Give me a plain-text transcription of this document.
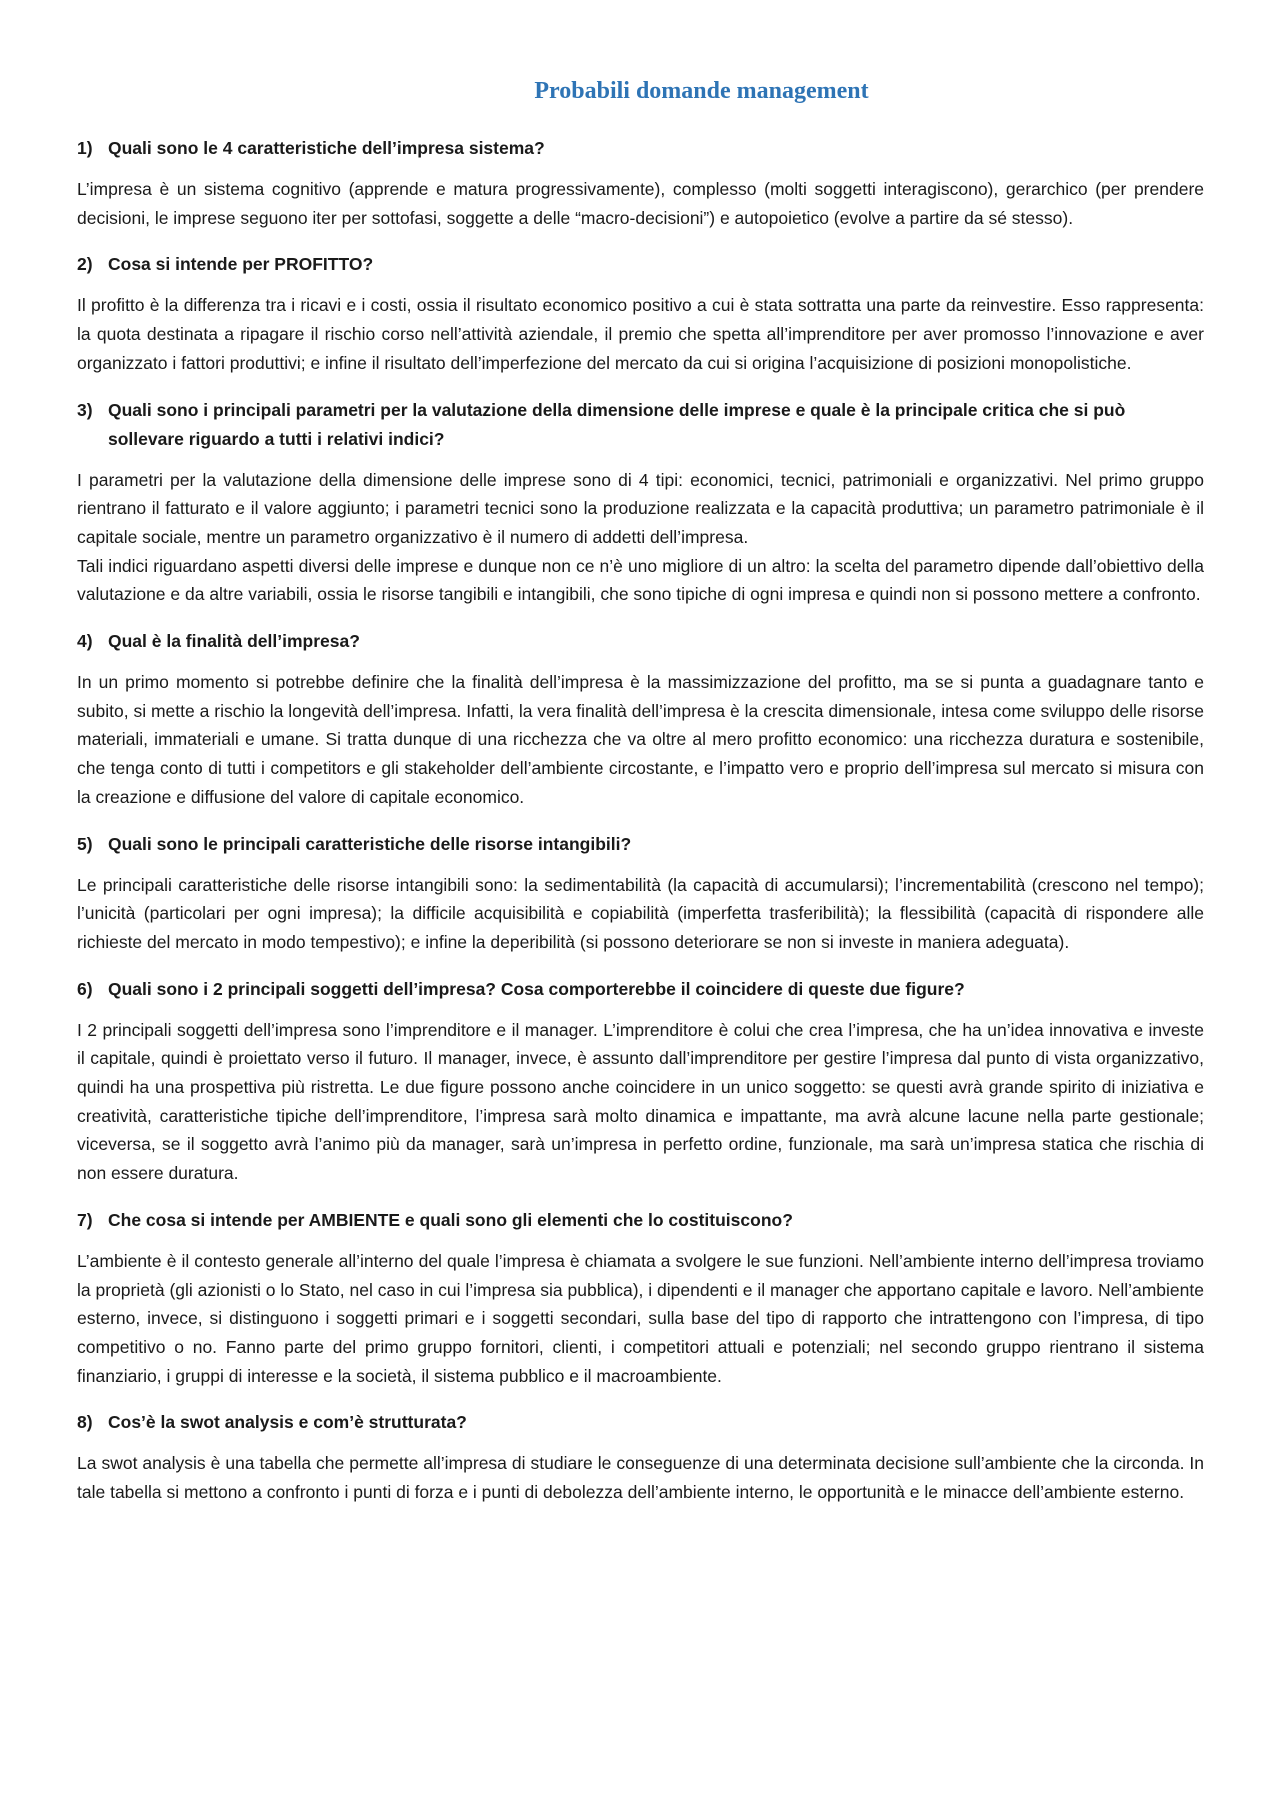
Probabili domande management
1) Quali sono le 4 caratteristiche dell’impresa sistema?

L’impresa è un sistema cognitivo (apprende e matura progressivamente), complesso (molti soggetti interagiscono), gerarchico (per prendere decisioni, le imprese seguono iter per sottofasi, soggette a delle “macro-decisioni”) e autopoietico (evolve a partire da sé stesso).

2) Cosa si intende per PROFITTO?

Il profitto è la differenza tra i ricavi e i costi, ossia il risultato economico positivo a cui è stata sottratta una parte da reinvestire. Esso rappresenta: la quota destinata a ripagare il rischio corso nell’attività aziendale, il premio che spetta all’imprenditore per aver promosso l’innovazione e aver organizzato i fattori produttivi; e infine il risultato dell’imperfezione del mercato da cui si origina l’acquisizione di posizioni monopolistiche.

3) Quali sono i principali parametri per la valutazione della dimensione delle imprese e quale è la principale critica che si può sollevare riguardo a tutti i relativi indici?

I parametri per la valutazione della dimensione delle imprese sono di 4 tipi: economici, tecnici, patrimoniali e organizzativi. Nel primo gruppo rientrano il fatturato e il valore aggiunto; i parametri tecnici sono la produzione realizzata e la capacità produttiva; un parametro patrimoniale è il capitale sociale, mentre un parametro organizzativo è il numero di addetti dell’impresa.

Tali indici riguardano aspetti diversi delle imprese e dunque non ce n’è uno migliore di un altro: la scelta del parametro dipende dall’obiettivo della valutazione e da altre variabili, ossia le risorse tangibili e intangibili, che sono tipiche di ogni impresa e quindi non si possono mettere a confronto.

4) Qual è la finalità dell’impresa?

In un primo momento si potrebbe definire che la finalità dell’impresa è la massimizzazione del profitto, ma se si punta a guadagnare tanto e subito, si mette a rischio la longevità dell’impresa. Infatti, la vera finalità dell’impresa è la crescita dimensionale, intesa come sviluppo delle risorse materiali, immateriali e umane. Si tratta dunque di una ricchezza che va oltre al mero profitto economico: una ricchezza duratura e sostenibile, che tenga conto di tutti i competitors e gli stakeholder dell’ambiente circostante, e l’impatto vero e proprio dell’impresa sul mercato si misura con la creazione e diffusione del valore di capitale economico.

5) Quali sono le principali caratteristiche delle risorse intangibili?

Le principali caratteristiche delle risorse intangibili sono: la sedimentabilità (la capacità di accumularsi); l’incrementabilità (crescono nel tempo); l’unicità (particolari per ogni impresa); la difficile acquisibilità e copiabilità (imperfetta trasferibilità); la flessibilità (capacità di rispondere alle richieste del mercato in modo tempestivo); e infine la deperibilità (si possono deteriorare se non si investe in maniera adeguata).

6) Quali sono i 2 principali soggetti dell’impresa? Cosa comporterebbe il coincidere di queste due figure?

I 2 principali soggetti dell’impresa sono l’imprenditore e il manager. L’imprenditore è colui che crea l’impresa, che ha un’idea innovativa e investe il capitale, quindi è proiettato verso il futuro. Il manager, invece, è assunto dall’imprenditore per gestire l’impresa dal punto di vista organizzativo, quindi ha una prospettiva più ristretta. Le due figure possono anche coincidere in un unico soggetto: se questi avrà grande spirito di iniziativa e creatività, caratteristiche tipiche dell’imprenditore, l’impresa sarà molto dinamica e impattante, ma avrà alcune lacune nella parte gestionale; viceversa, se il soggetto avrà l’animo più da manager, sarà un’impresa in perfetto ordine, funzionale, ma sarà un’impresa statica che rischia di non essere duratura.

7) Che cosa si intende per AMBIENTE e quali sono gli elementi che lo costituiscono?

L’ambiente è il contesto generale all’interno del quale l’impresa è chiamata a svolgere le sue funzioni. Nell’ambiente interno dell’impresa troviamo la proprietà (gli azionisti o lo Stato, nel caso in cui l’impresa sia pubblica), i dipendenti e il manager che apportano capitale e lavoro. Nell’ambiente esterno, invece, si distinguono i soggetti primari e i soggetti secondari, sulla base del tipo di rapporto che intrattengono con l’impresa, di tipo competitivo o no. Fanno parte del primo gruppo fornitori, clienti, i competitori attuali e potenziali; nel secondo gruppo rientrano il sistema finanziario, i gruppi di interesse e la società, il sistema pubblico e il macroambiente.

8) Cos’è la swot analysis e com’è strutturata?

La swot analysis è una tabella che permette all’impresa di studiare le conseguenze di una determinata decisione sull’ambiente che la circonda. In tale tabella si mettono a confronto i punti di forza e i punti di debolezza dell’ambiente interno, le opportunità e le minacce dell’ambiente esterno.
